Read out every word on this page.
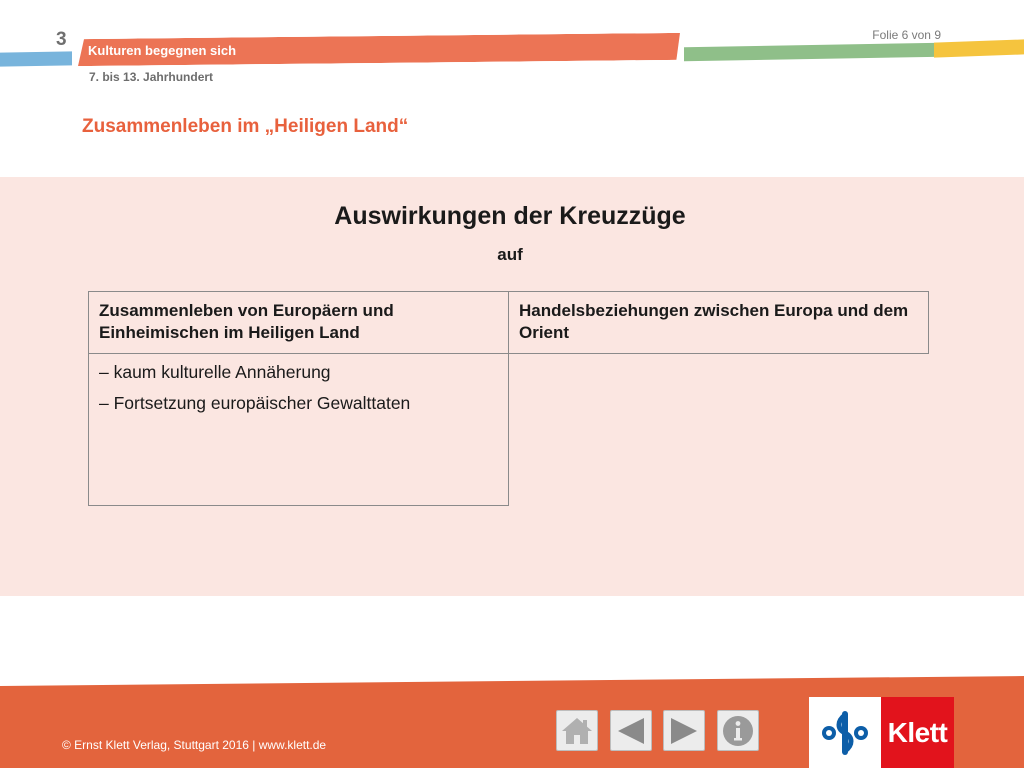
3
Kulturen begegnen sich
Folie 6 von 9
7. bis 13. Jahrhundert
Zusammenleben im „Heiligen Land“
Auswirkungen der Kreuzzüge
auf
Zusammenleben von Europäern und Einheimischen im Heiligen Land	Handelsbeziehungen zwischen Europa und dem Orient

– kaum kulturelle Annäherung
– Fortsetzung europäischer Gewalttaten	

© Ernst Klett Verlag, Stuttgart 2016 | www.klett.de	Klett
